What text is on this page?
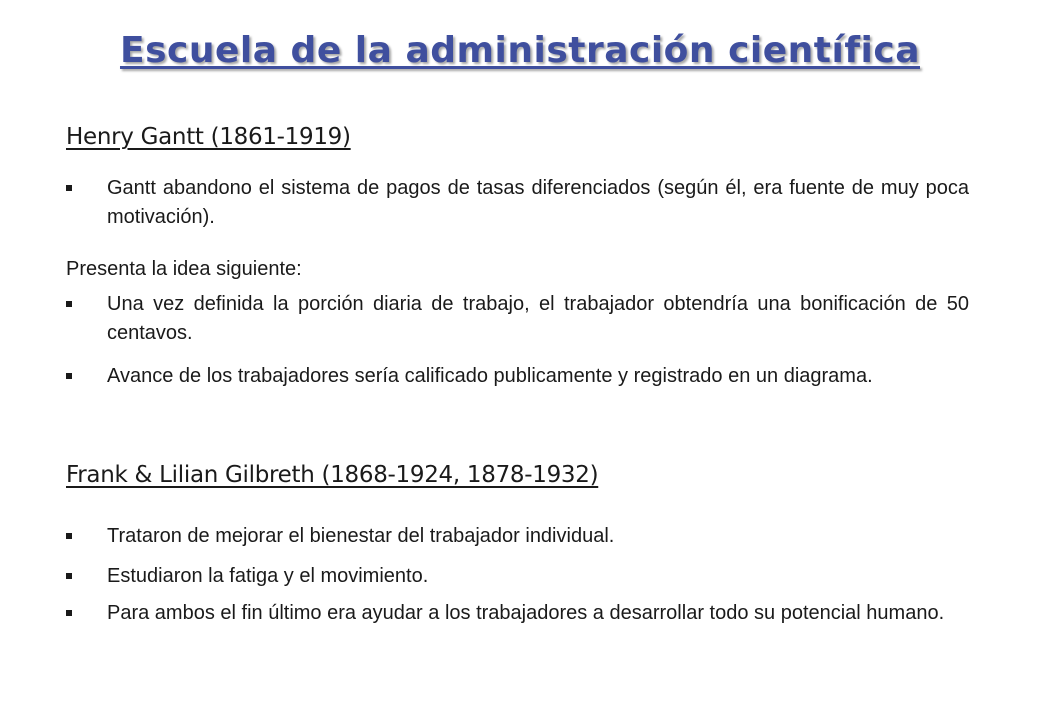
Escuela de la administración científica
Henry Gantt (1861-1919)
Gantt abandono el sistema de pagos de tasas diferenciados (según él, era fuente de muy poca motivación).
Presenta la idea siguiente:
Una vez definida la porción diaria de trabajo, el trabajador obtendría una bonificación de 50 centavos.
Avance de los trabajadores sería calificado publicamente y registrado en un diagrama.
Frank & Lilian Gilbreth (1868-1924, 1878-1932)
Trataron de mejorar el bienestar del trabajador individual.
Estudiaron la fatiga y el movimiento.
Para ambos el fin último era ayudar a los trabajadores a desarrollar todo su potencial humano.
